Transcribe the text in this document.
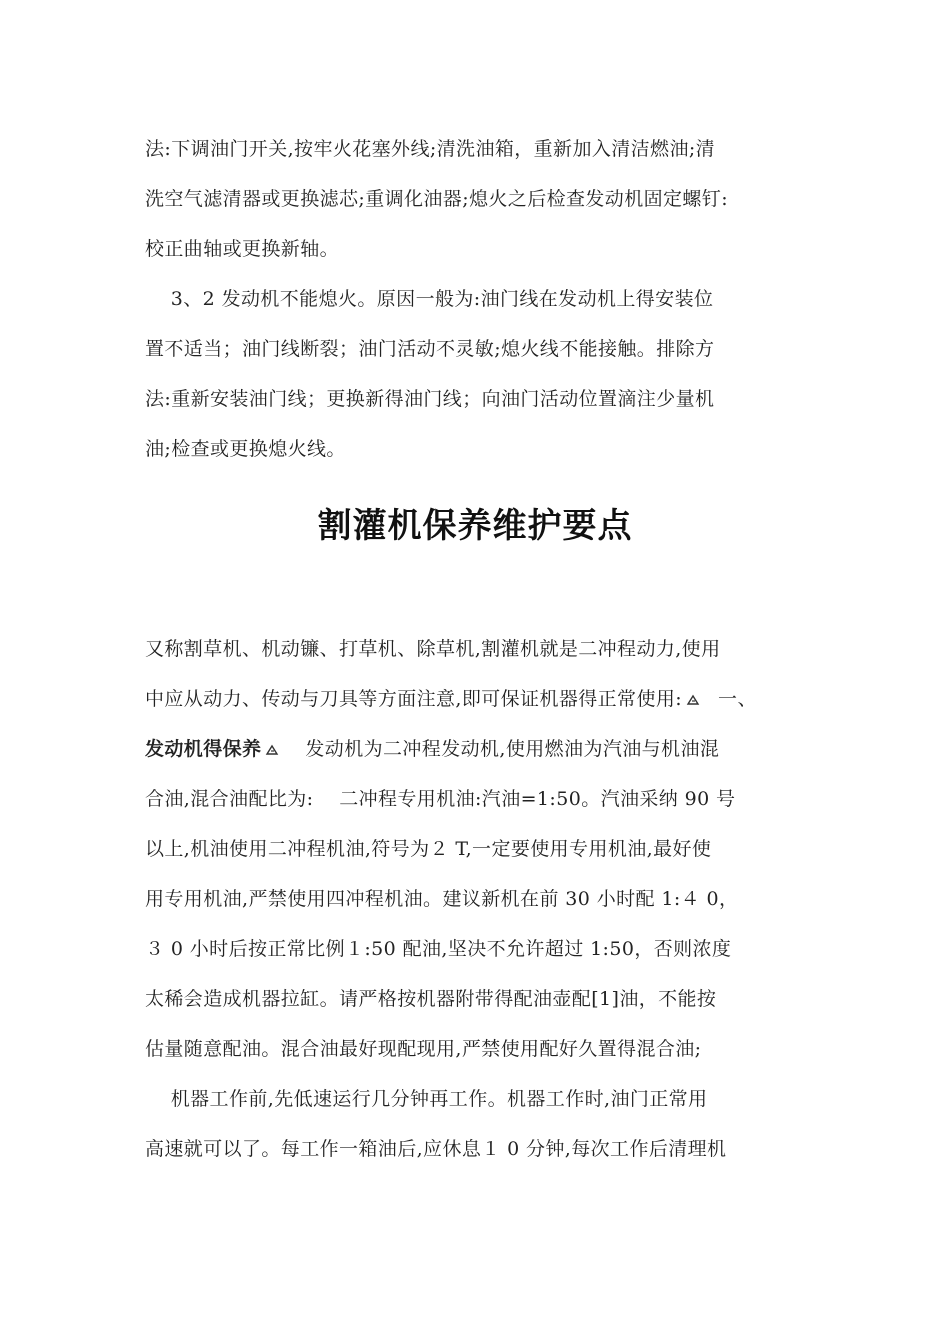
法:下调油门开关,按牢火花塞外线;清洗油箱，重新加入清洁燃油;清
洗空气滤清器或更换滤芯;重调化油器;熄火之后检查发动机固定螺钉:
校正曲轴或更换新轴。
3、2 发动机不能熄火。原因一般为:油门线在发动机上得安装位
置不适当；油门线断裂；油门活动不灵敏;熄火线不能接触。排除方
法:重新安装油门线；更换新得油门线；向油门活动位置滴注少量机
油;检查或更换熄火线。
割灌机保养维护要点
又称割草机、机动镰、打草机、除草机,割灌机就是二冲程动力,使用
中应从动力、传动与刀具等方面注意,即可保证机器得正常使用: 一、
发动机得保养 发动机为二冲程发动机,使用燃油为汽油与机油混
合油,混合油配比为:    二冲程专用机油:汽油=1:50。汽油采纳 90 号
以上,机油使用二冲程机油,符号为２ T,一定要使用专用机油,最好使
用专用机油,严禁使用四冲程机油。建议新机在前 30 小时配 1:４ 0，
３ 0 小时后按正常比例１:50 配油,坚决不允许超过 1:50，否则浓度
太稀会造成机器拉缸。请严格按机器附带得配油壶配[1]油，不能按
估量随意配油。混合油最好现配现用,严禁使用配好久置得混合油;
机器工作前,先低速运行几分钟再工作。机器工作时,油门正常用
高速就可以了。每工作一箱油后,应休息１ 0 分钟,每次工作后清理机
